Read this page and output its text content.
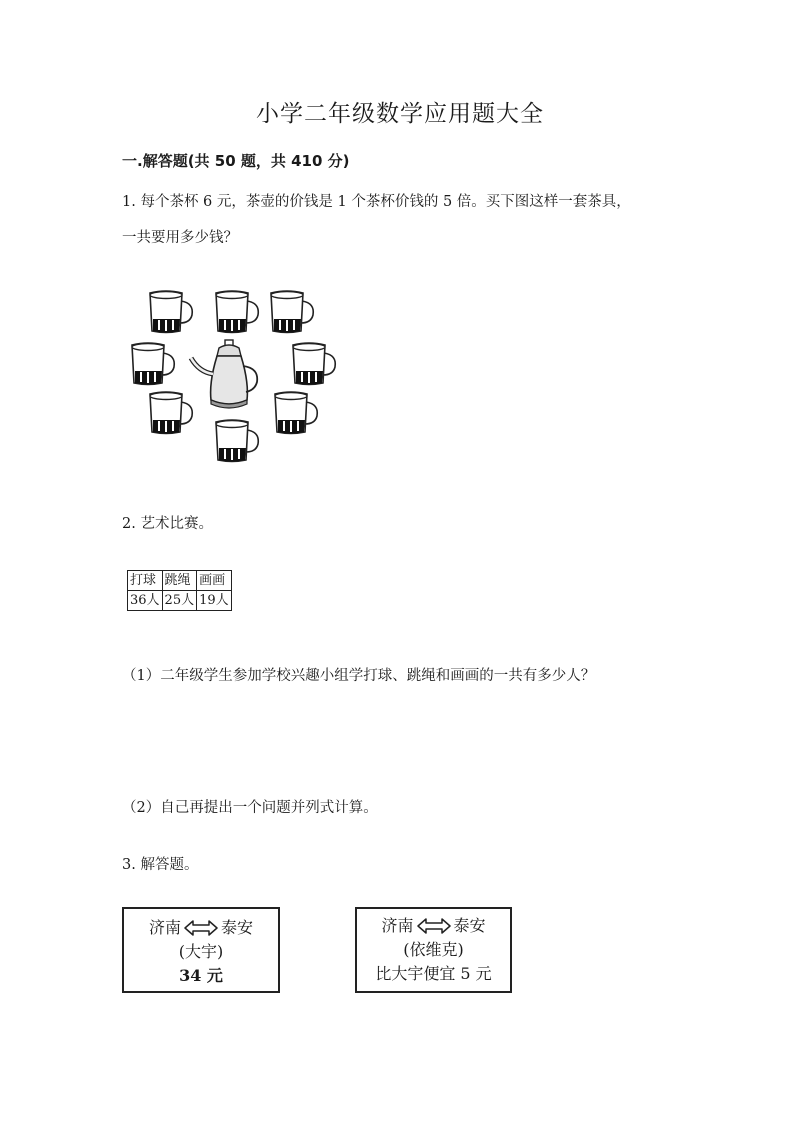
小学二年级数学应用题大全
一.解答题(共 50 题，共 410 分)
1. 每个茶杯 6 元，茶壶的价钱是 1 个茶杯价钱的 5 倍。买下图这样一套茶具，
一共要用多少钱？
2. 艺术比赛。
打球	跳绳	画画
36人	25人	19人
（1）二年级学生参加学校兴趣小组学打球、跳绳和画画的一共有多少人？
（2）自己再提出一个问题并列式计算。
3. 解答题。
济南	泰安
(大宇)
34 元
济南	泰安
(依维克)
比大宇便宜 5 元
